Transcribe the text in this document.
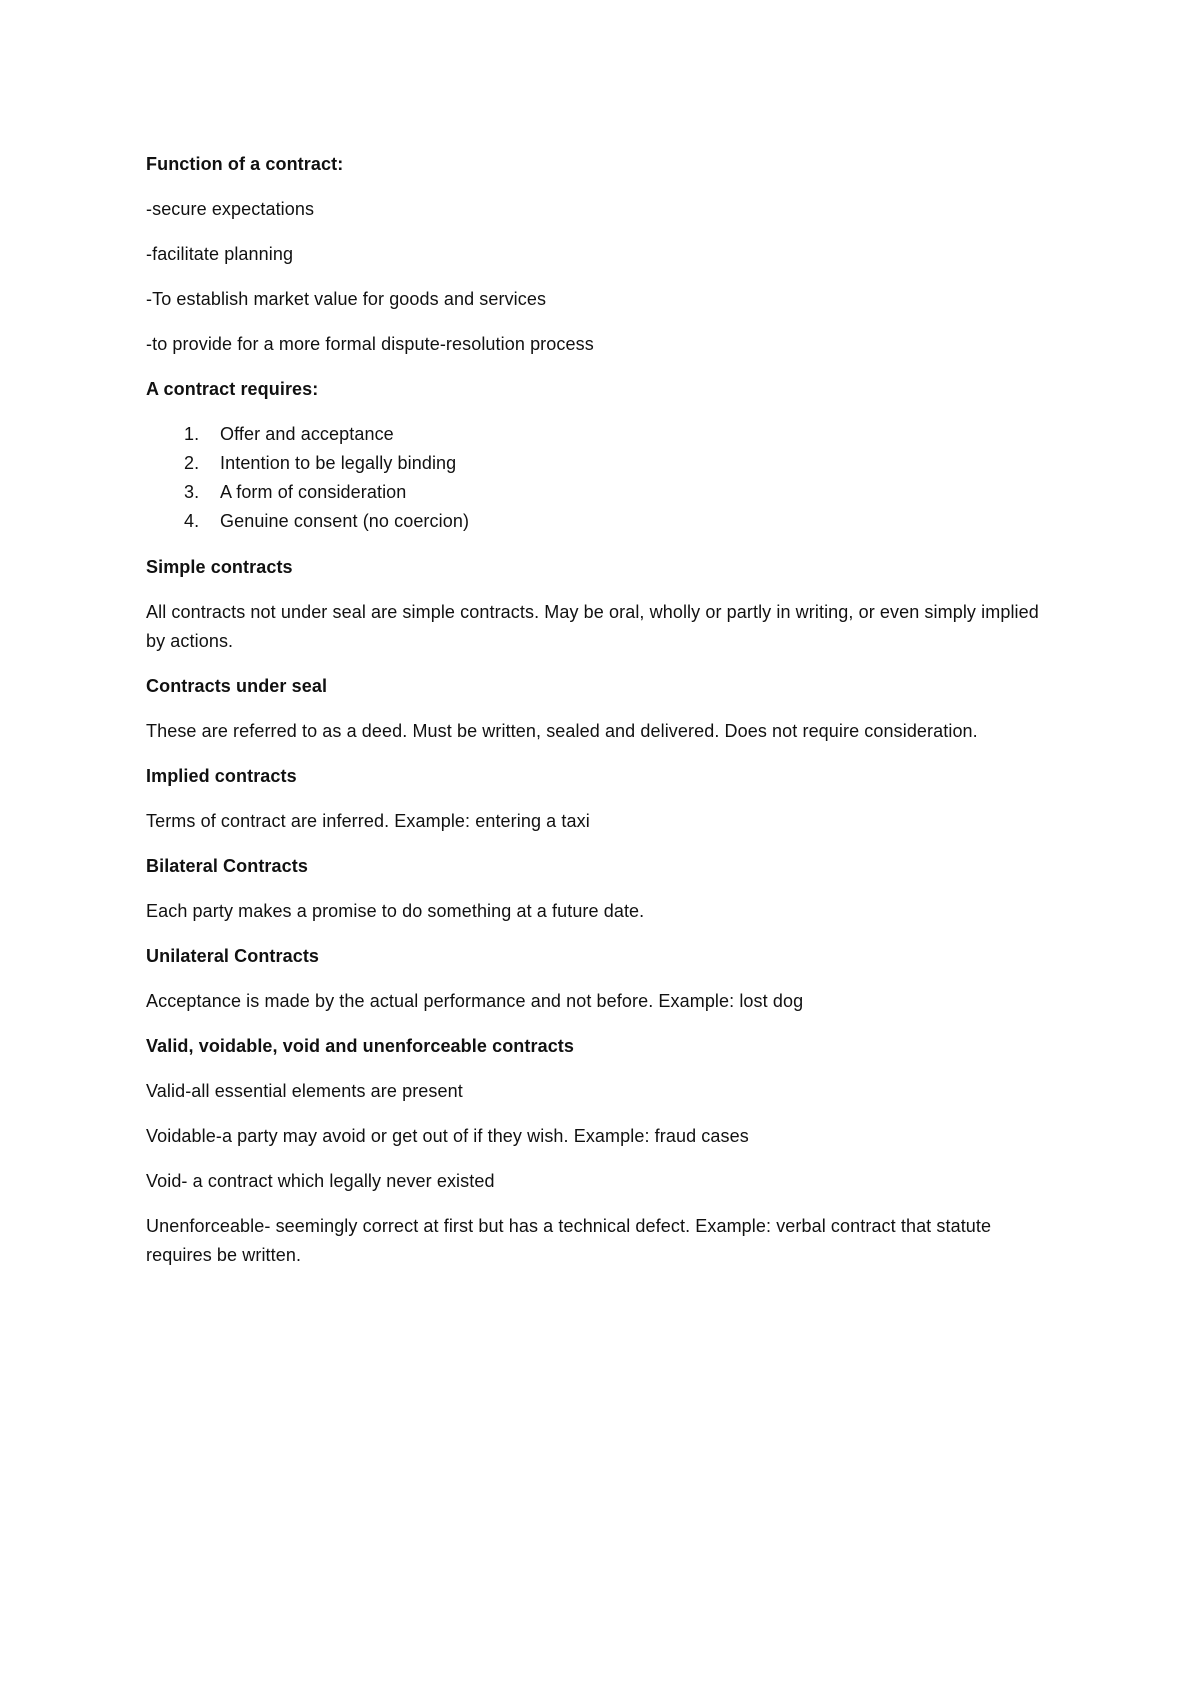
Function of a contract:

-secure expectations

-facilitate planning

-To establish market value for goods and services

-to provide for a more formal dispute-resolution process

A contract requires:

1.	Offer and acceptance
2.	Intention to be legally binding
3.	A form of consideration
4.	Genuine consent (no coercion)

Simple contracts

All contracts not under seal are simple contracts. May be oral, wholly or partly in writing, or even simply implied by actions.

Contracts under seal

These are referred to as a deed. Must be written, sealed and delivered. Does not require consideration.

Implied contracts

Terms of contract are inferred. Example: entering a taxi

Bilateral Contracts

Each party makes a promise to do something at a future date.

Unilateral Contracts

Acceptance is made by the actual performance and not before. Example: lost dog

Valid, voidable, void and unenforceable contracts

Valid-all essential elements are present

Voidable-a party may avoid or get out of if they wish. Example: fraud cases

Void- a contract which legally never existed

Unenforceable- seemingly correct at first but has a technical defect. Example: verbal contract that statute requires be written.
